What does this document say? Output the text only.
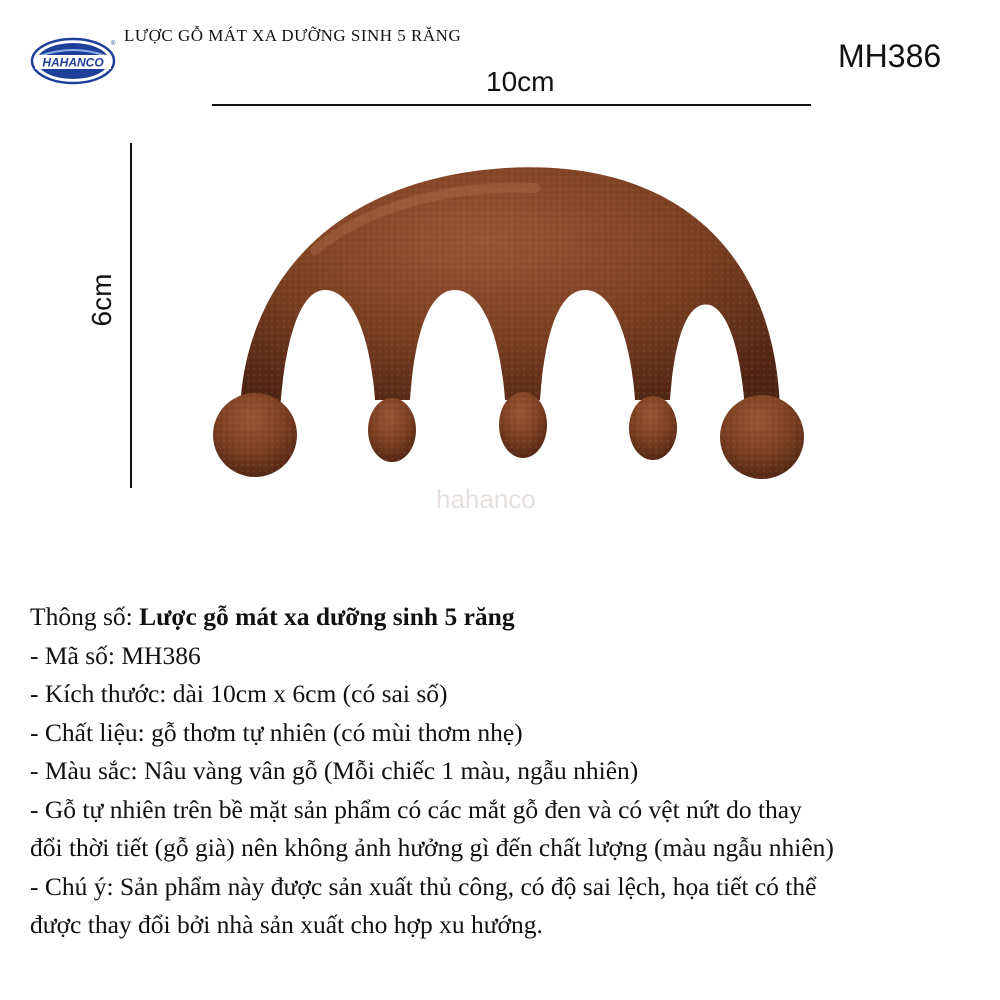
HAHANCO
® LƯỢC GỖ MÁT XA DƯỠNG SINH 5 RĂNG
MH386
10cm
6cm
hahanco

Thông số: Lược gỗ mát xa dưỡng sinh 5 răng

- Mã số: MH386

- Kích thước: dài 10cm x 6cm (có sai số)

- Chất liệu: gỗ thơm tự nhiên (có mùi thơm nhẹ)

- Màu sắc: Nâu vàng vân gỗ (Mỗi chiếc 1 màu, ngẫu nhiên)

- Gỗ tự nhiên trên bề mặt sản phẩm có các mắt gỗ đen và có vệt nứt do thay

đổi thời tiết (gỗ già) nên không ảnh hưởng gì đến chất lượng (màu ngẫu nhiên)

- Chú ý: Sản phẩm này được sản xuất thủ công, có độ sai lệch, họa tiết có thể

được thay đổi bởi nhà sản xuất cho hợp xu hướng.
